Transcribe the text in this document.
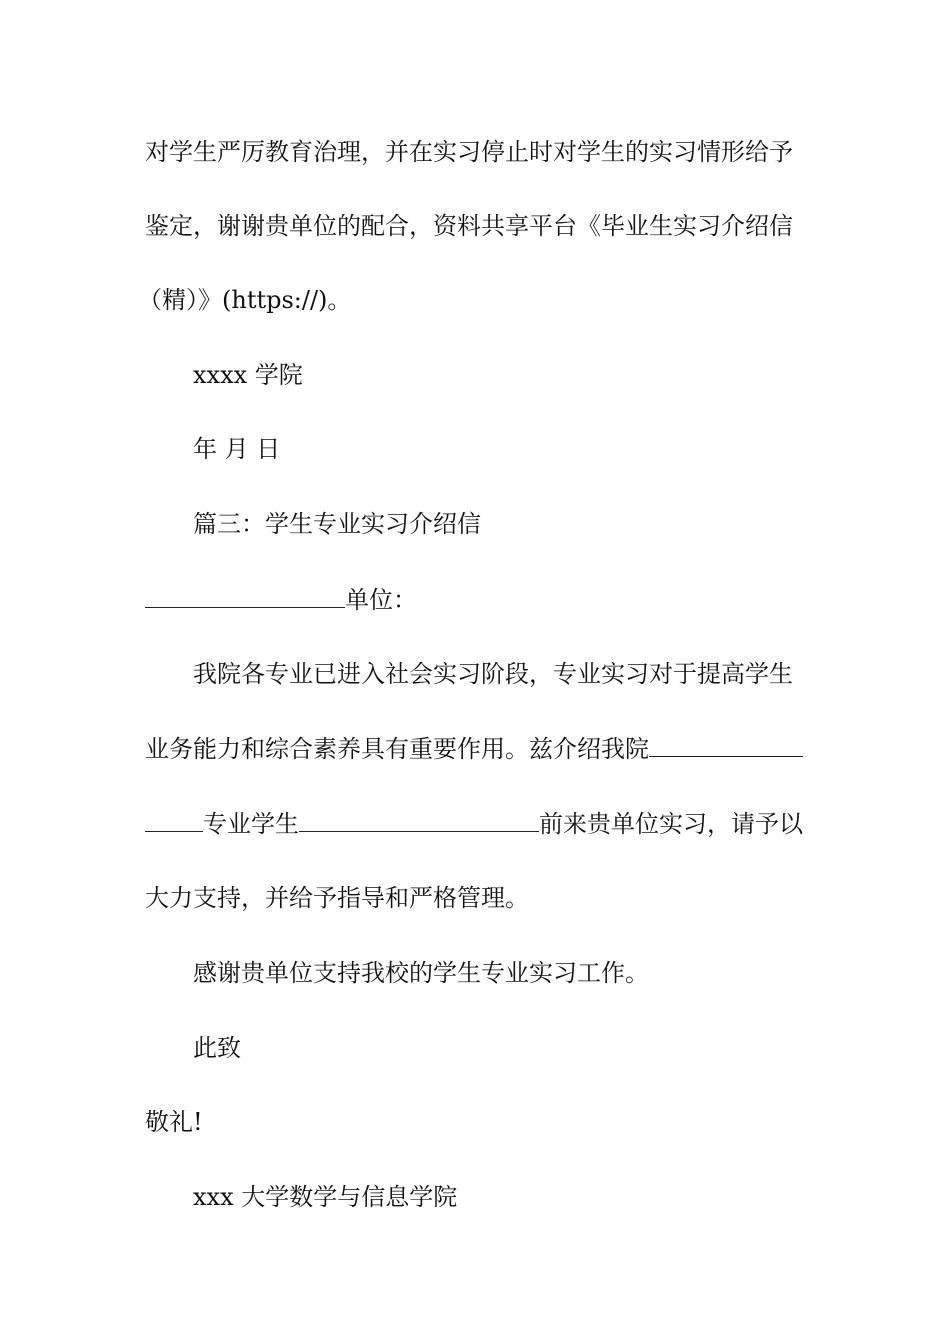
对学生严厉教育治理，并在实习停止时对学生的实习情形给予
鉴定，谢谢贵单位的配合，资料共享平台《毕业生实习介绍信
（精）》(https://)。
xxxx 学院
年 月 日
篇三：学生专业实习介绍信
单位：
我院各专业已进入社会实习阶段，专业实习对于提高学生
业务能力和综合素养具有重要作用。兹介绍我院
专业学生	前来贵单位实习，请予以
大力支持，并给予指导和严格管理。
感谢贵单位支持我校的学生专业实习工作。
此致
敬礼!
xxx 大学数学与信息学院
